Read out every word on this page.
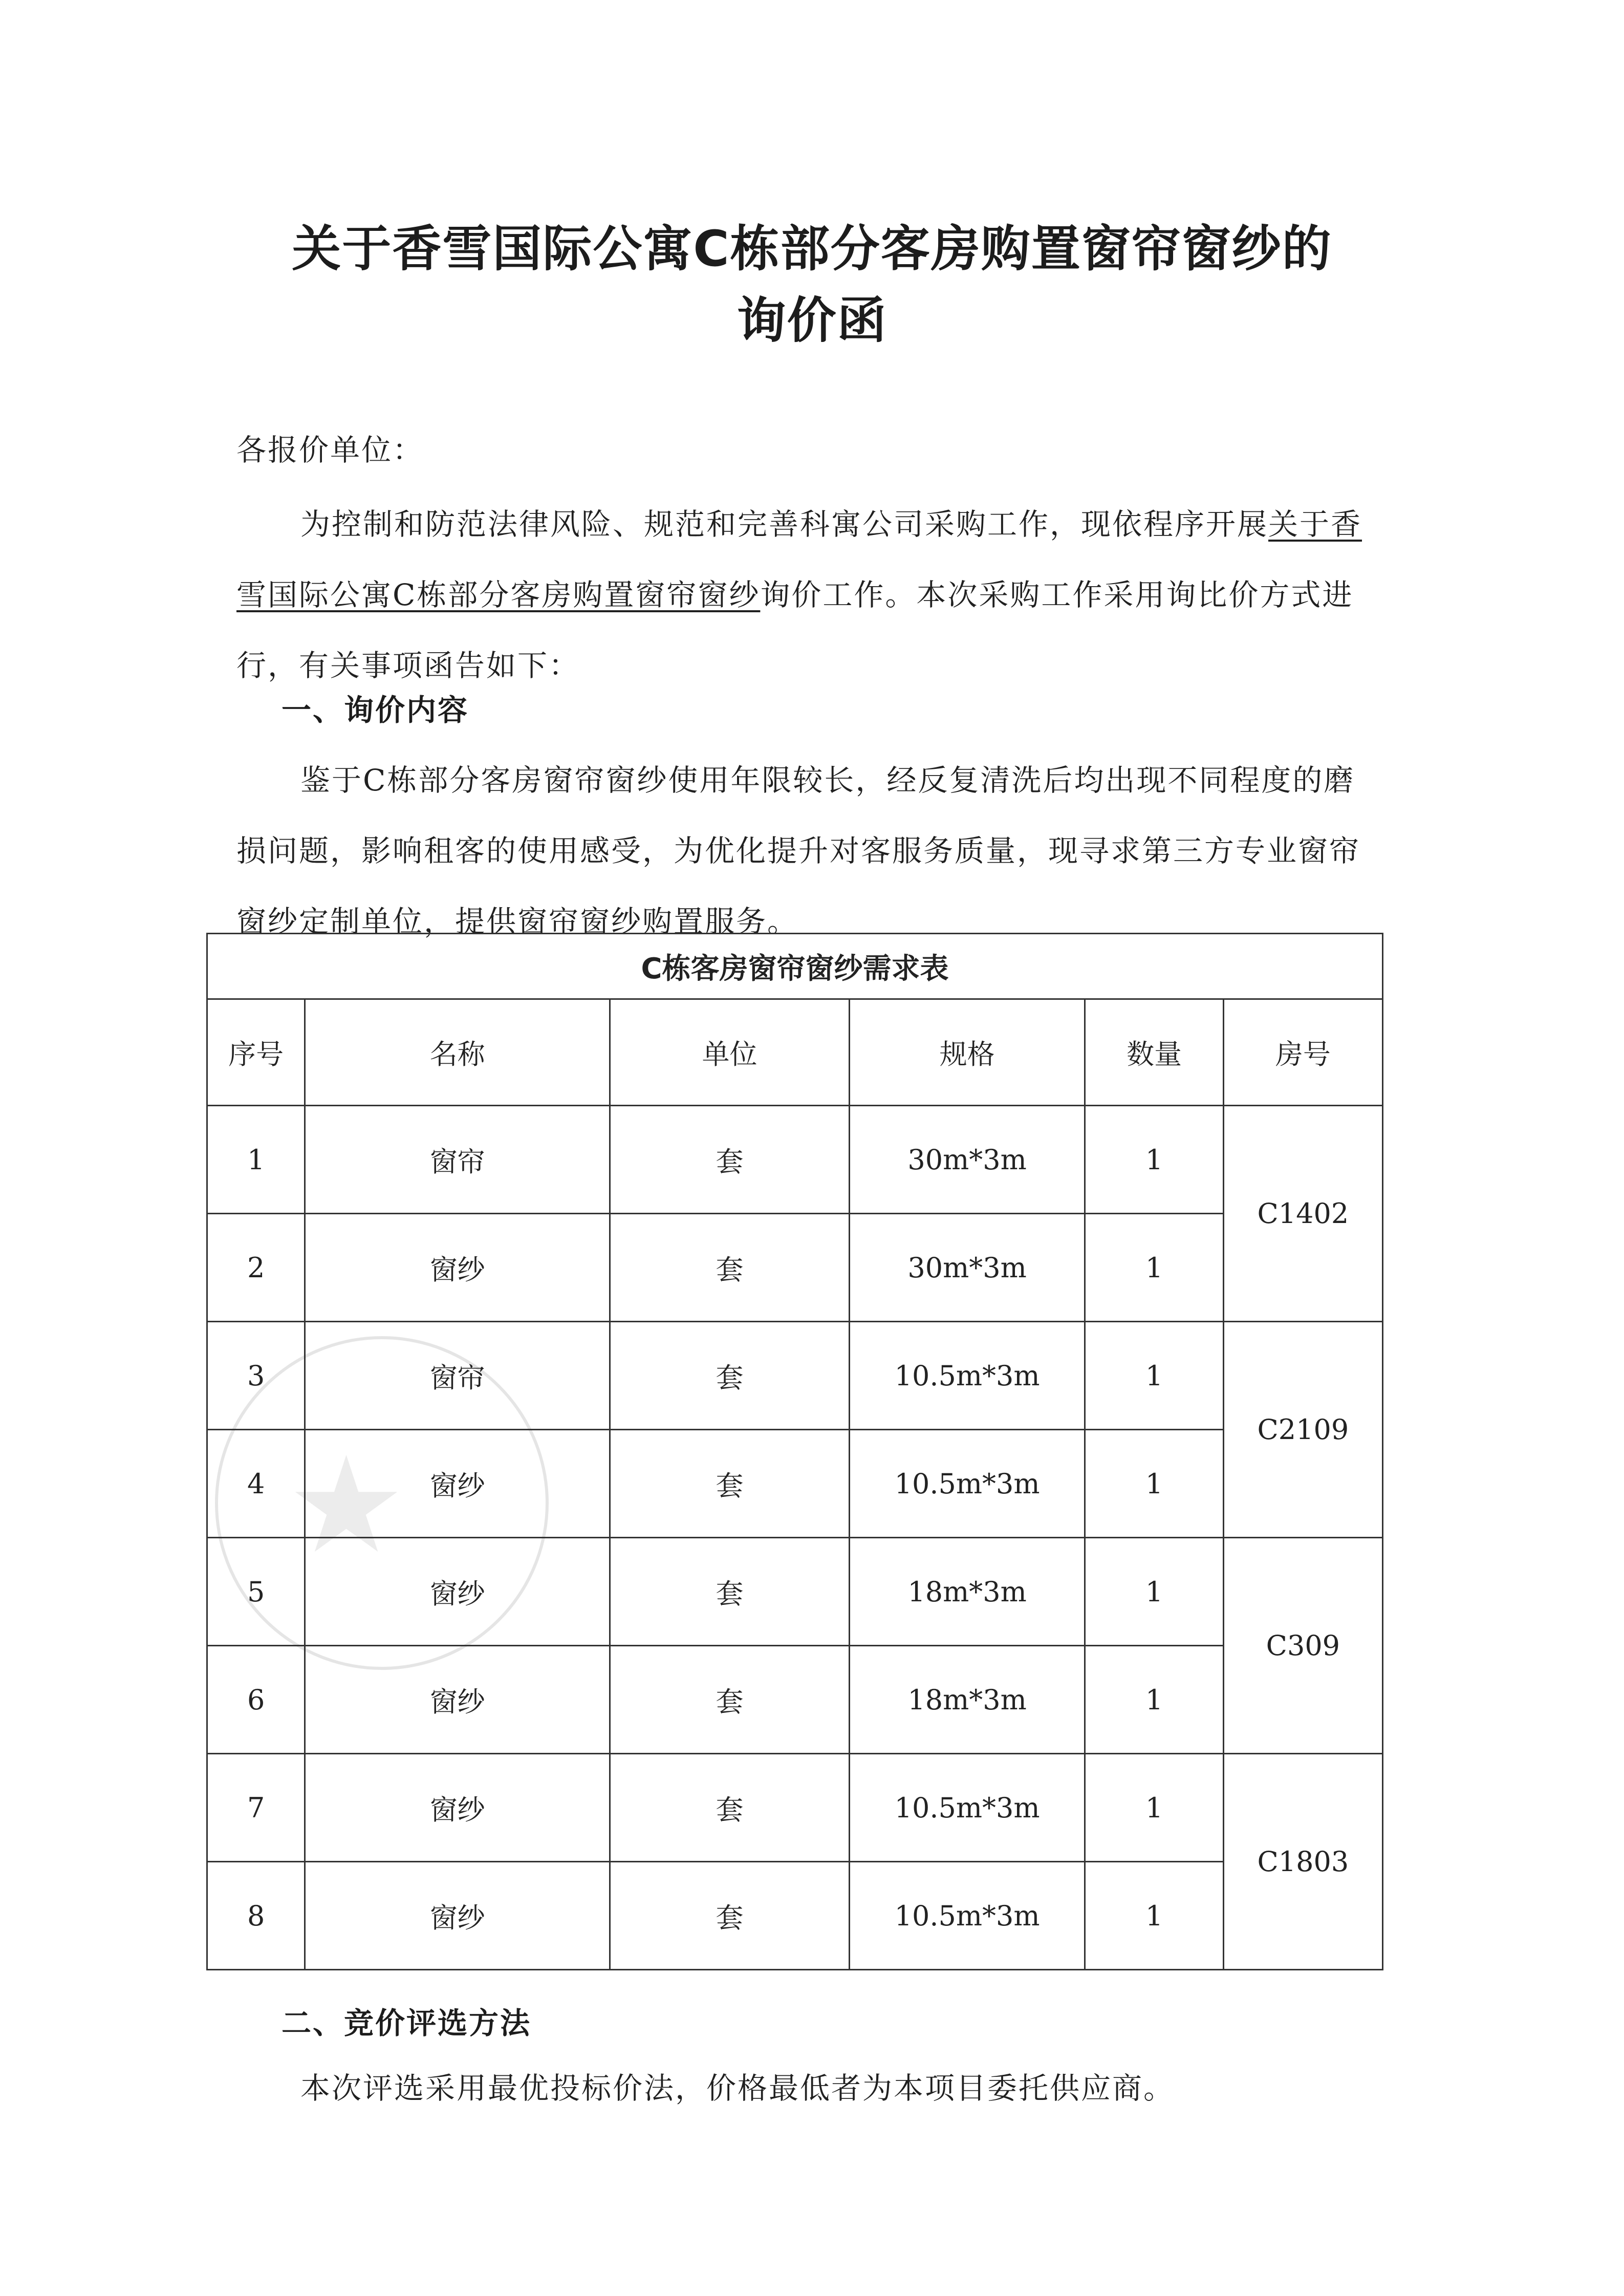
关于香雪国际公寓C栋部分客房购置窗帘窗纱的
询价函
各报价单位：
为控制和防范法律风险、规范和完善科寓公司采购工作，现依程序开展关于香雪国际公寓C栋部分客房购置窗帘窗纱询价工作。本次采购工作采用询比价方式进行，有关事项函告如下：
一、询价内容
鉴于C栋部分客房窗帘窗纱使用年限较长，经反复清洗后均出现不同程度的磨损问题，影响租客的使用感受，为优化提升对客服务质量，现寻求第三方专业窗帘窗纱定制单位，提供窗帘窗纱购置服务。
★
C栋客房窗帘窗纱需求表					
序号	名称	单位	规格	数量	房号
1	窗帘	套	30m*3m	1	C1402
2	窗纱	套	30m*3m	1	
3	窗帘	套	10.5m*3m	1	C2109
4	窗纱	套	10.5m*3m	1	
5	窗纱	套	18m*3m	1	C309
6	窗纱	套	18m*3m	1	
7	窗纱	套	10.5m*3m	1	C1803
8	窗纱	套	10.5m*3m	1	
二、竞价评选方法
本次评选采用最优投标价法，价格最低者为本项目委托供应商。
